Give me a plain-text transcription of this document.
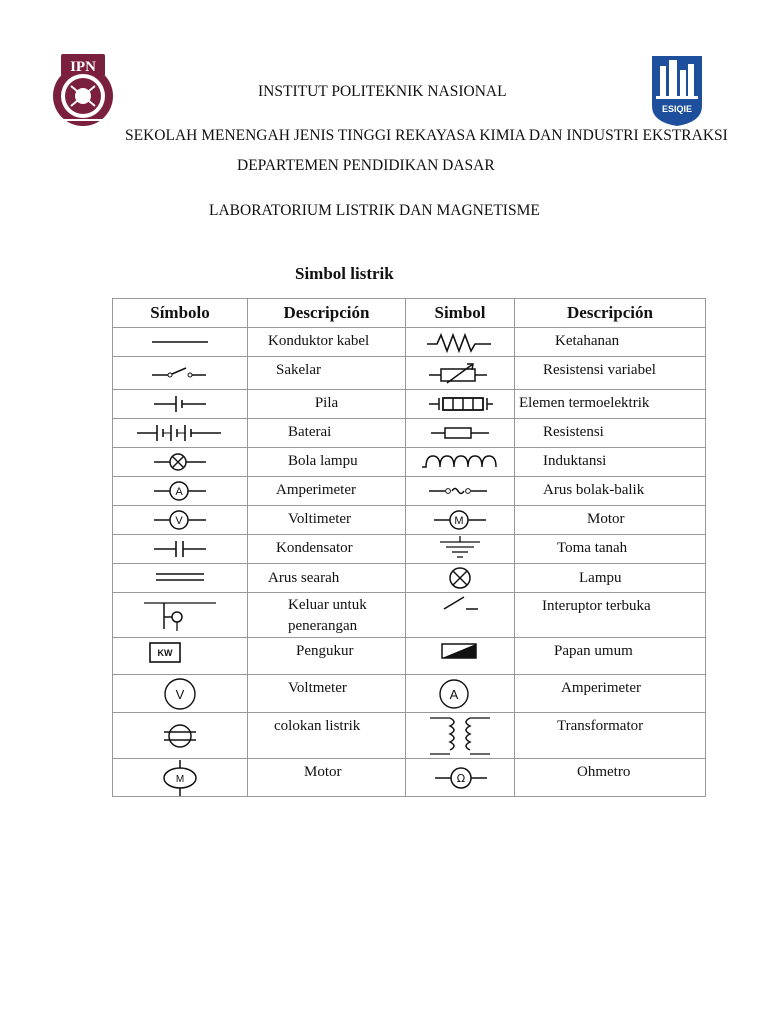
IPN
ESIQIE
INSTITUT POLITEKNIK NASIONAL
SEKOLAH MENENGAH JENIS TINGGI REKAYASA KIMIA DAN INDUSTRI EKSTRAKSI
DEPARTEMEN PENDIDIKAN DASAR
LABORATORIUM LISTRIK DAN MAGNETISME
Simbol listrik
Símbolo	Descripción	Simbol	Descripción

	Konduktor kabel		Ketahanan

	Sakelar		Resistensi variabel

	Pila		Elemen termoelektrik

	Baterai		Resistensi

	Bola lampu		Induktansi

A	Amperimeter		Arus bolak-balik

V	Voltimeter	M	Motor

	Kondensator		Toma tanah

	Arus searah		Lampu

	Keluar untuk penerangan		Interuptor terbuka

KW	Pengukur		Papan umum

V	Voltmeter	A	Amperimeter

	colokan listrik		Transformator

M	Motor	Ω	Ohmetro
